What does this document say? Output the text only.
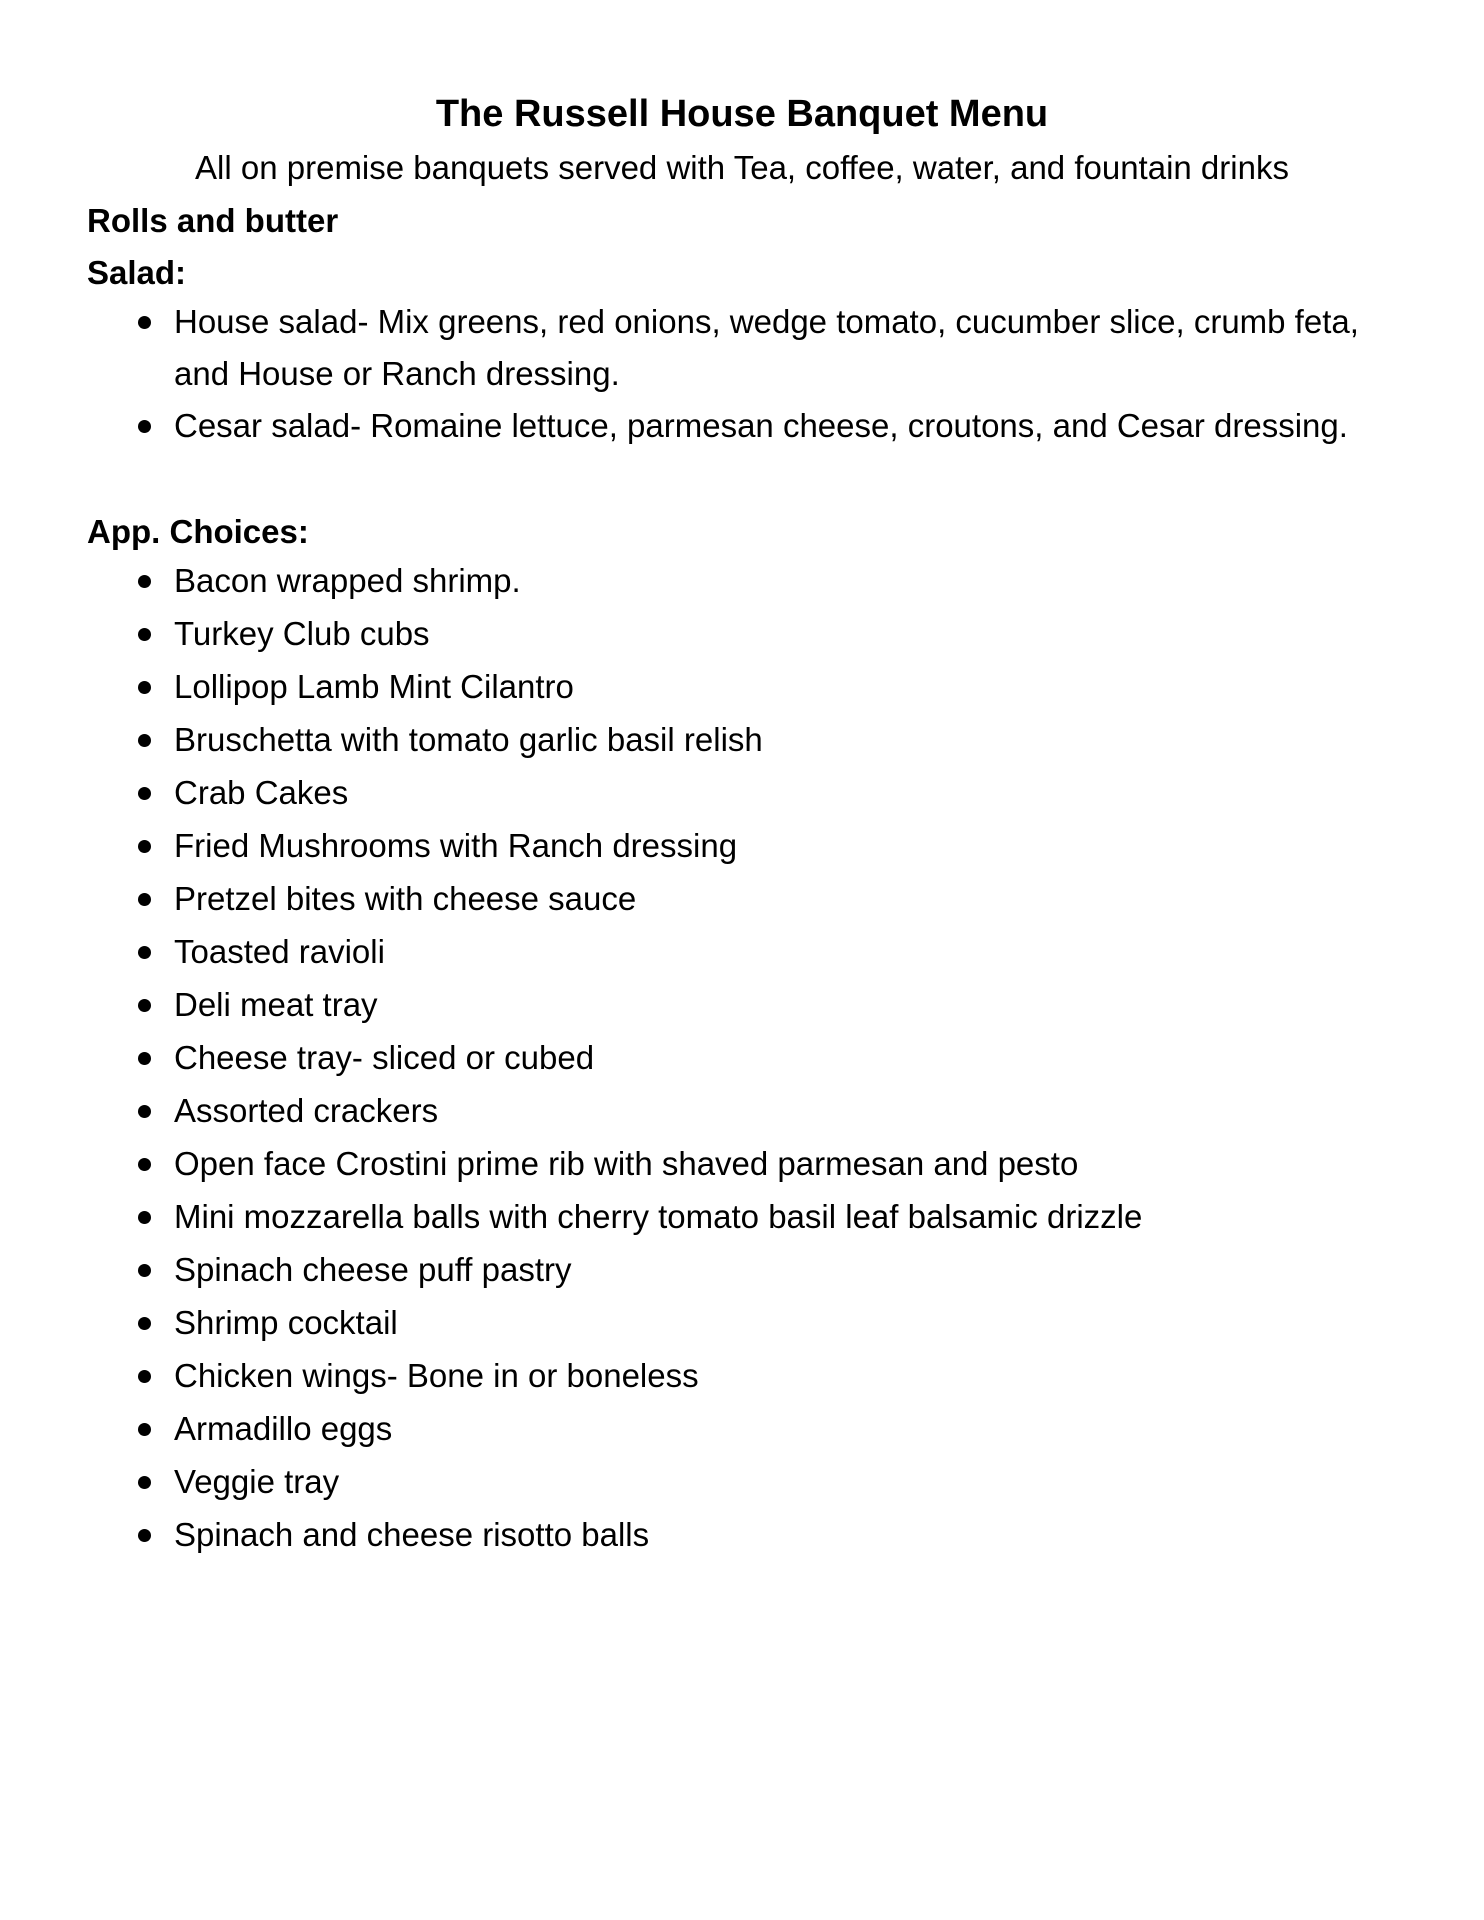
The Russell House Banquet Menu

All on premise banquets served with Tea, coffee, water, and fountain drinks

Rolls and butter

Salad:

House salad- Mix greens, red onions, wedge tomato, cucumber slice, crumb feta, and House or Ranch dressing.
Cesar salad- Romaine lettuce, parmesan cheese, croutons, and Cesar dressing.

App. Choices:

Bacon wrapped shrimp.
Turkey Club cubs
Lollipop Lamb Mint Cilantro
Bruschetta with tomato garlic basil relish
Crab Cakes
Fried Mushrooms with Ranch dressing
Pretzel bites with cheese sauce
Toasted ravioli
Deli meat tray
Cheese tray- sliced or cubed
Assorted crackers
Open face Crostini prime rib with shaved parmesan and pesto
Mini mozzarella balls with cherry tomato basil leaf balsamic drizzle
Spinach cheese puff pastry
Shrimp cocktail
Chicken wings- Bone in or boneless
Armadillo eggs
Veggie tray
Spinach and cheese risotto balls
